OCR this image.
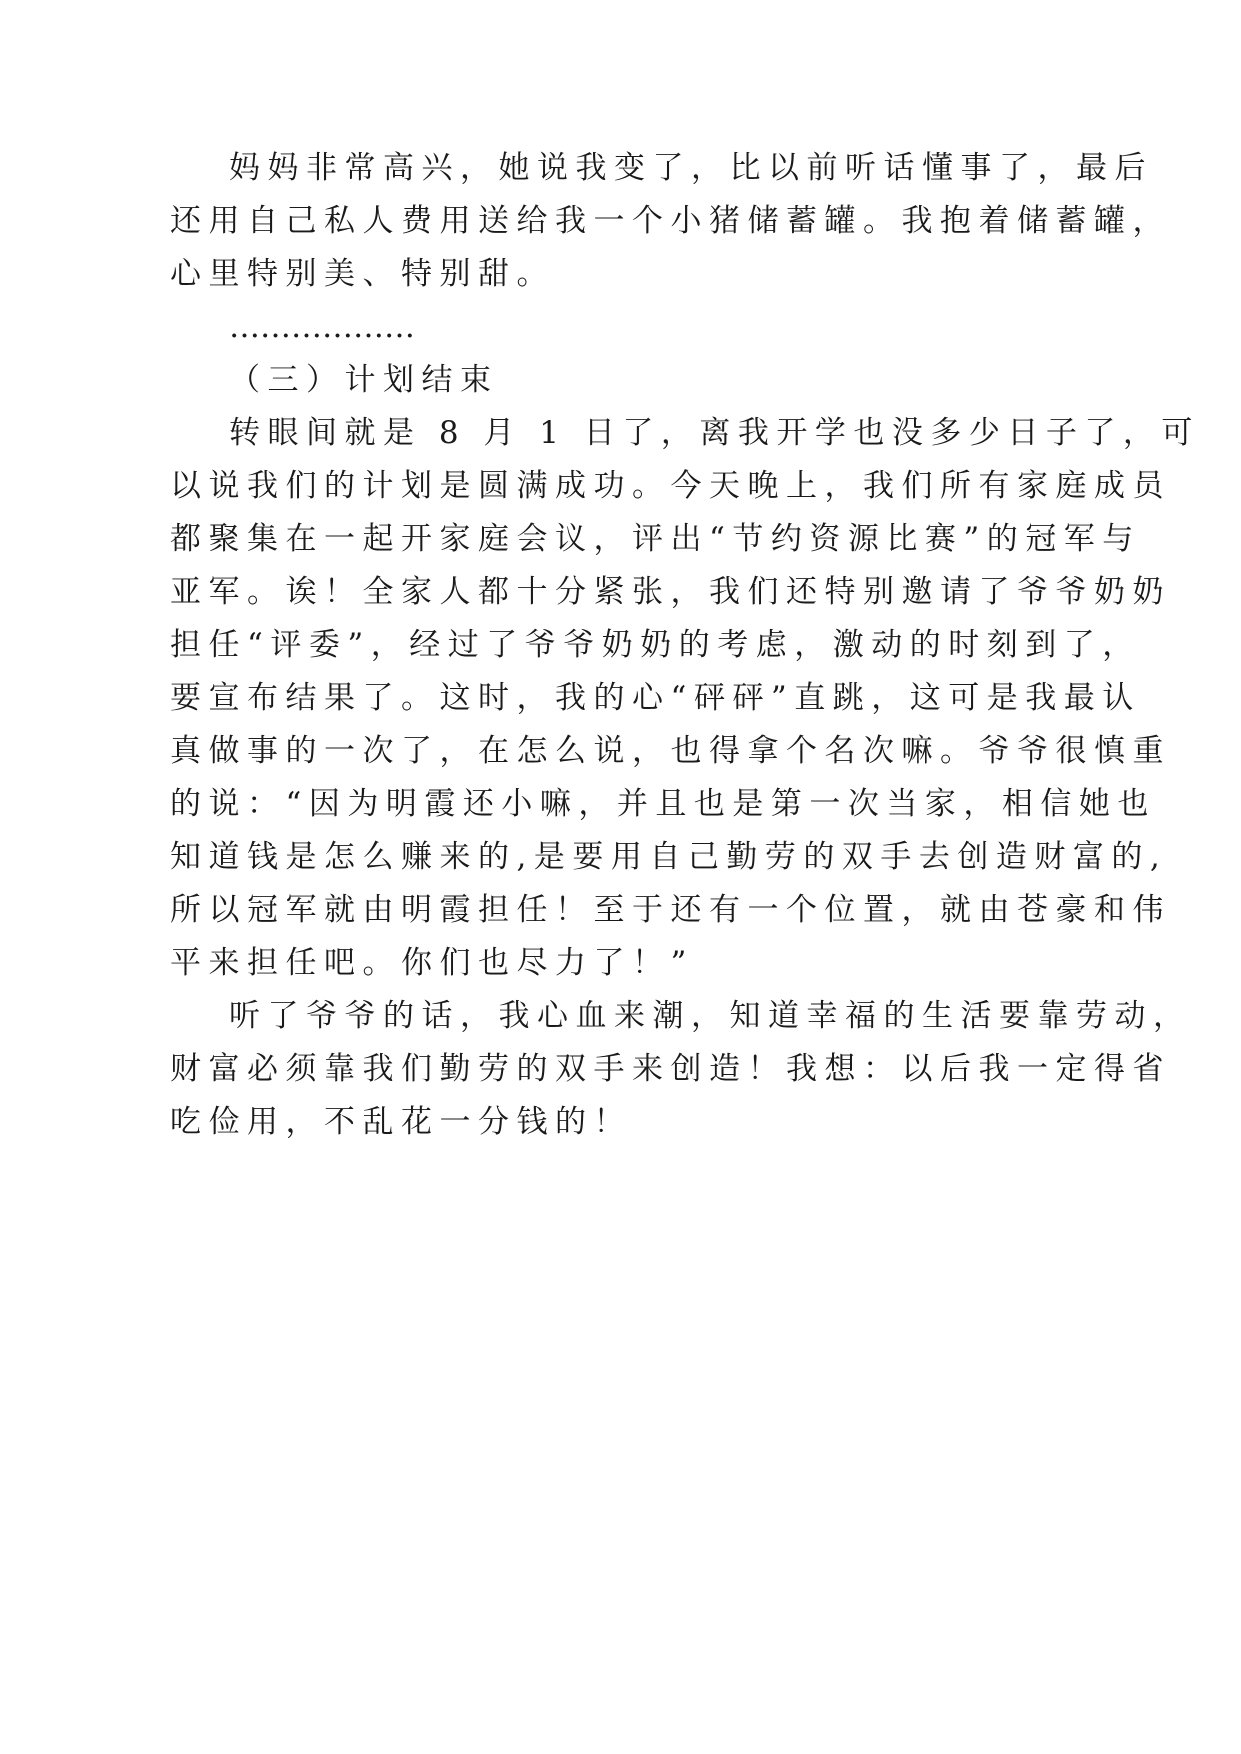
妈妈非常高兴，她说我变了，比以前听话懂事了，最后
还用自己私人费用送给我一个小猪储蓄罐。我抱着储蓄罐，
心里特别美、特别甜。
………………
（三）计划结束
转眼间就是 8 月 1 日了，离我开学也没多少日子了，可
以说我们的计划是圆满成功。今天晚上，我们所有家庭成员
都聚集在一起开家庭会议，评出“节约资源比赛”的冠军与
亚军。诶！全家人都十分紧张，我们还特别邀请了爷爷奶奶
担任“评委”，经过了爷爷奶奶的考虑，激动的时刻到了，
要宣布结果了。这时，我的心“砰砰”直跳，这可是我最认
真做事的一次了，在怎么说，也得拿个名次嘛。爷爷很慎重
的说：“因为明霞还小嘛，并且也是第一次当家，相信她也
知道钱是怎么赚来的,是要用自己勤劳的双手去创造财富的,
所以冠军就由明霞担任！至于还有一个位置，就由苍豪和伟
平来担任吧。你们也尽力了！”
听了爷爷的话，我心血来潮，知道幸福的生活要靠劳动，
财富必须靠我们勤劳的双手来创造！我想：以后我一定得省
吃俭用，不乱花一分钱的！
